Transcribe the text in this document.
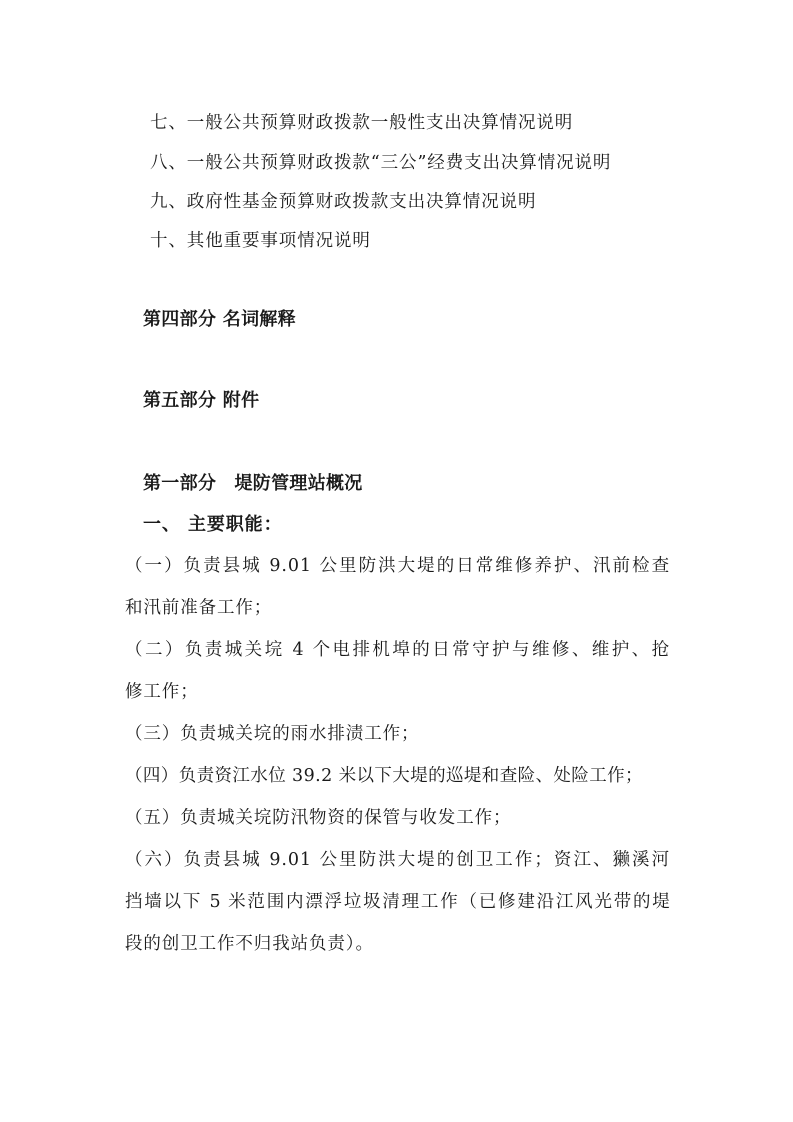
七、一般公共预算财政拨款一般性支出决算情况说明
八、一般公共预算财政拨款“三公”经费支出决算情况说明
九、政府性基金预算财政拨款支出决算情况说明
十、其他重要事项情况说明
第四部分 名词解释
第五部分 附件
第一部分　堤防管理站概况
一、 主要职能：
（一）负责县城 9.01 公里防洪大堤的日常维修养护、汛前检查
和汛前准备工作；
（二）负责城关垸 4 个电排机埠的日常守护与维修、维护、抢
修工作；
（三）负责城关垸的雨水排渍工作；
（四）负责资江水位 39.2 米以下大堤的巡堤和查险、处险工作；
（五）负责城关垸防汛物资的保管与收发工作；
（六）负责县城 9.01 公里防洪大堤的创卫工作；资江、獭溪河
挡墙以下 5 米范围内漂浮垃圾清理工作（已修建沿江风光带的堤
段的创卫工作不归我站负责）。
